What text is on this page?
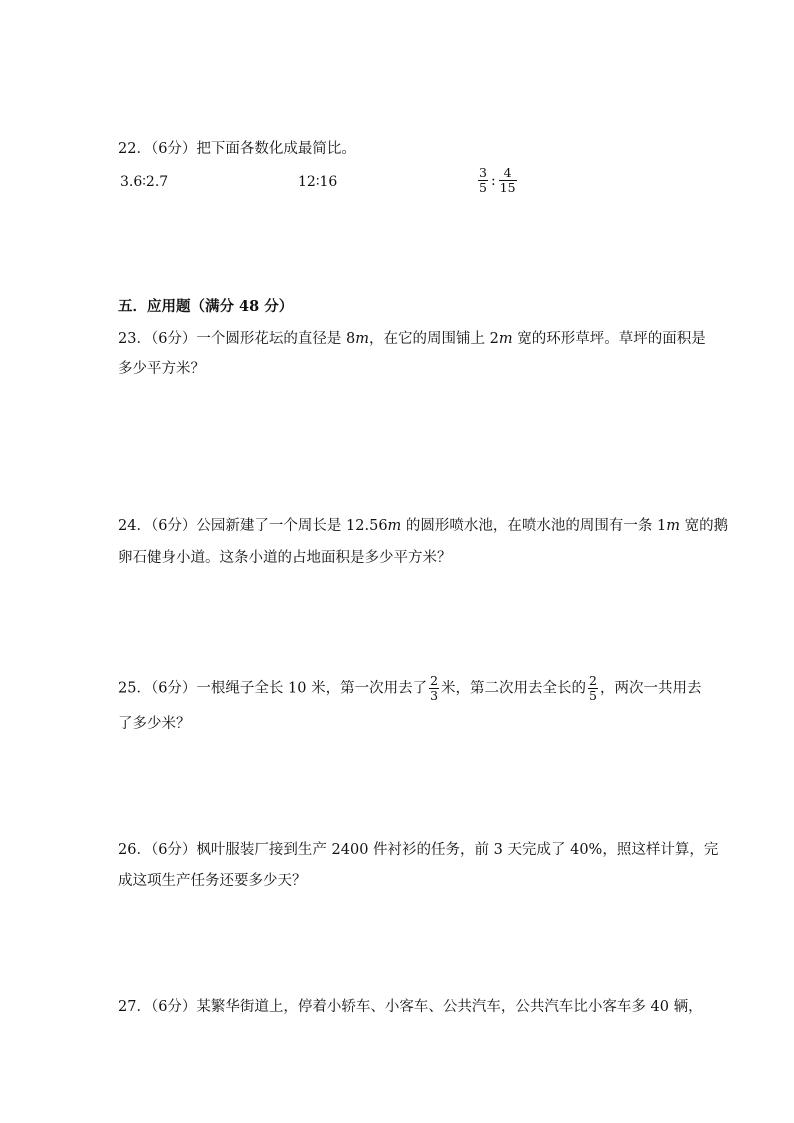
22．（6分）把下面各数化成最简比。
3.6∶2.7	12∶16	$\frac{3}{5}$ : $\frac{4}{15}$
五．应用题（满分 48 分）
23．（6分）一个圆形花坛的直径是 8m，在它的周围铺上 2m 宽的环形草坪。草坪的面积是
多少平方米？
24．（6分）公园新建了一个周长是 12.56m 的圆形喷水池，在喷水池的周围有一条 1m 宽的鹅
卵石健身小道。这条小道的占地面积是多少平方米？
25．（6分）一根绳子全长 10 米，第一次用去了 $\frac{2}{3}$ 米，第二次用去全长的 $\frac{2}{5}$ ，两次一共用去
了多少米？
26．（6分）枫叶服装厂接到生产 2400 件衬衫的任务，前 3 天完成了 40%，照这样计算，完
成这项生产任务还要多少天？
27．（6分）某繁华街道上，停着小轿车、小客车、公共汽车，公共汽车比小客车多 40 辆，
